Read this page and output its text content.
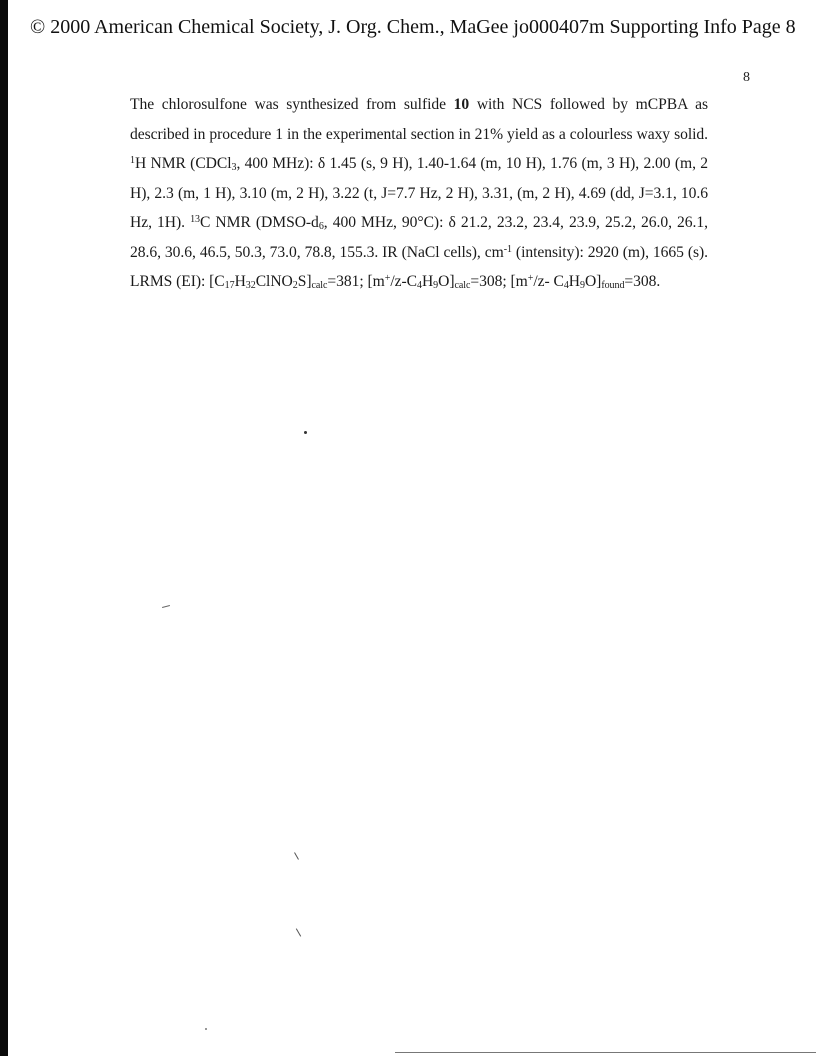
© 2000 American Chemical Society, J. Org. Chem., MaGee jo000407m Supporting Info Page 8
8
The chlorosulfone was synthesized from sulfide 10 with NCS followed by mCPBA as described in procedure 1 in the experimental section in 21% yield as a colourless waxy solid. $^1$H NMR (CDCl$_3$, 400 MHz): δ 1.45 (s, 9 H), 1.40-1.64 (m, 10 H), 1.76 (m, 3 H), 2.00 (m, 2 H), 2.3 (m, 1 H), 3.10 (m, 2 H), 3.22 (t, J=7.7 Hz, 2 H), 3.31, (m, 2 H), 4.69 (dd, J=3.1, 10.6 Hz, 1H). $^{13}$C NMR ($DMSO-d_6$, 400 MHz, 90°C): δ 21.2, 23.2, 23.4, 23.9, 25.2, 26.0, 26.1, 28.6, 30.6, 46.5, 50.3, 73.0, 78.8, 155.3. IR (NaCl cells), $cm^{-1}$ (intensity): 2920 (m), 1665 (s). LRMS (EI): $[C_{17}H_{32}ClNO_2S]_{calc}=381$; $[m^+/z-C_4H_9O]_{calc}=308$; [m+/z- $C_4H_9O]_{found}=308$.
